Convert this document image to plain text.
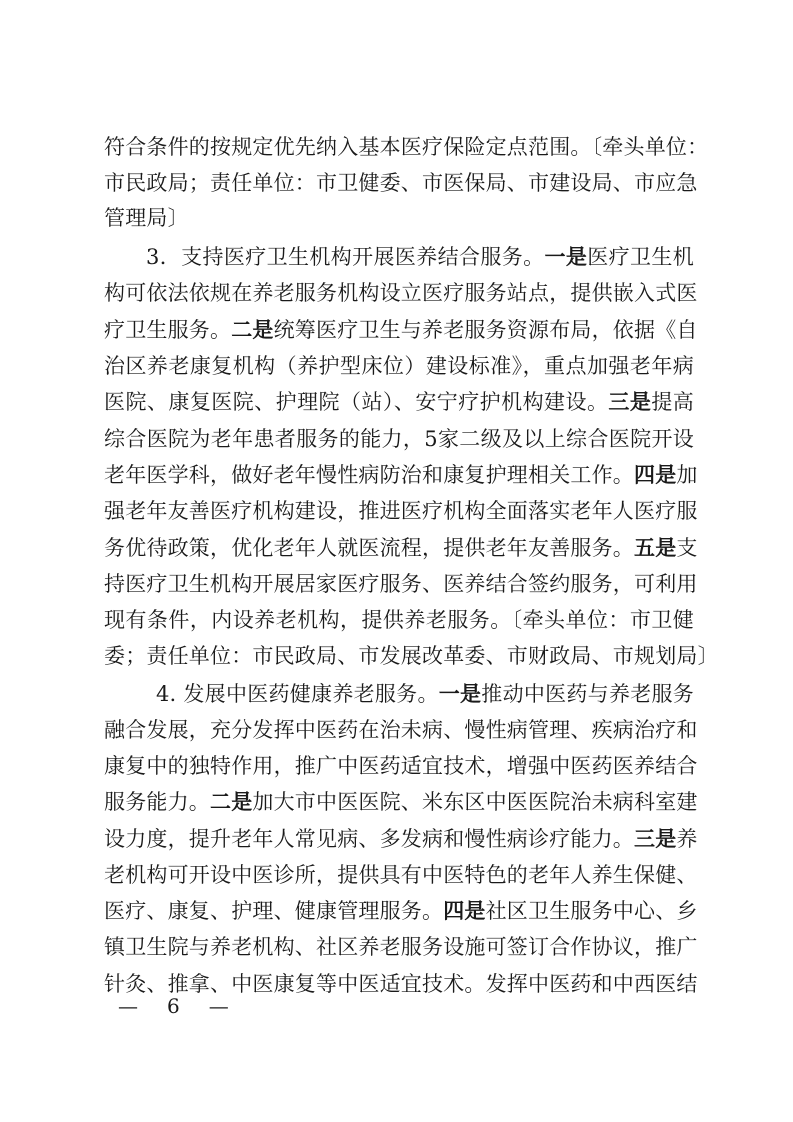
符合条件的按规定优先纳入基本医疗保险定点范围。〔牵头单位：
市民政局；责任单位：市卫健委、市医保局、市建设局、市应急
管理局〕
3．支持医疗卫生机构开展医养结合服务。一是医疗卫生机
构可依法依规在养老服务机构设立医疗服务站点，提供嵌入式医
疗卫生服务。二是统筹医疗卫生与养老服务资源布局，依据《自
治区养老康复机构（养护型床位）建设标准》，重点加强老年病
医院、康复医院、护理院（站）、安宁疗护机构建设。三是提高
综合医院为老年患者服务的能力，5家二级及以上综合医院开设
老年医学科，做好老年慢性病防治和康复护理相关工作。四是加
强老年友善医疗机构建设，推进医疗机构全面落实老年人医疗服
务优待政策，优化老年人就医流程，提供老年友善服务。五是支
持医疗卫生机构开展居家医疗服务、医养结合签约服务，可利用
现有条件，内设养老机构，提供养老服务。〔牵头单位：市卫健
委；责任单位：市民政局、市发展改革委、市财政局、市规划局〕
4. 发展中医药健康养老服务。一是推动中医药与养老服务
融合发展，充分发挥中医药在治未病、慢性病管理、疾病治疗和
康复中的独特作用，推广中医药适宜技术，增强中医药医养结合
服务能力。二是加大市中医医院、米东区中医医院治未病科室建
设力度，提升老年人常见病、多发病和慢性病诊疗能力。三是养
老机构可开设中医诊所，提供具有中医特色的老年人养生保健、
医疗、康复、护理、健康管理服务。四是社区卫生服务中心、乡
镇卫生院与养老机构、社区养老服务设施可签订合作协议，推广
针灸、推拿、中医康复等中医适宜技术。发挥中医药和中西医结
— 6 —
